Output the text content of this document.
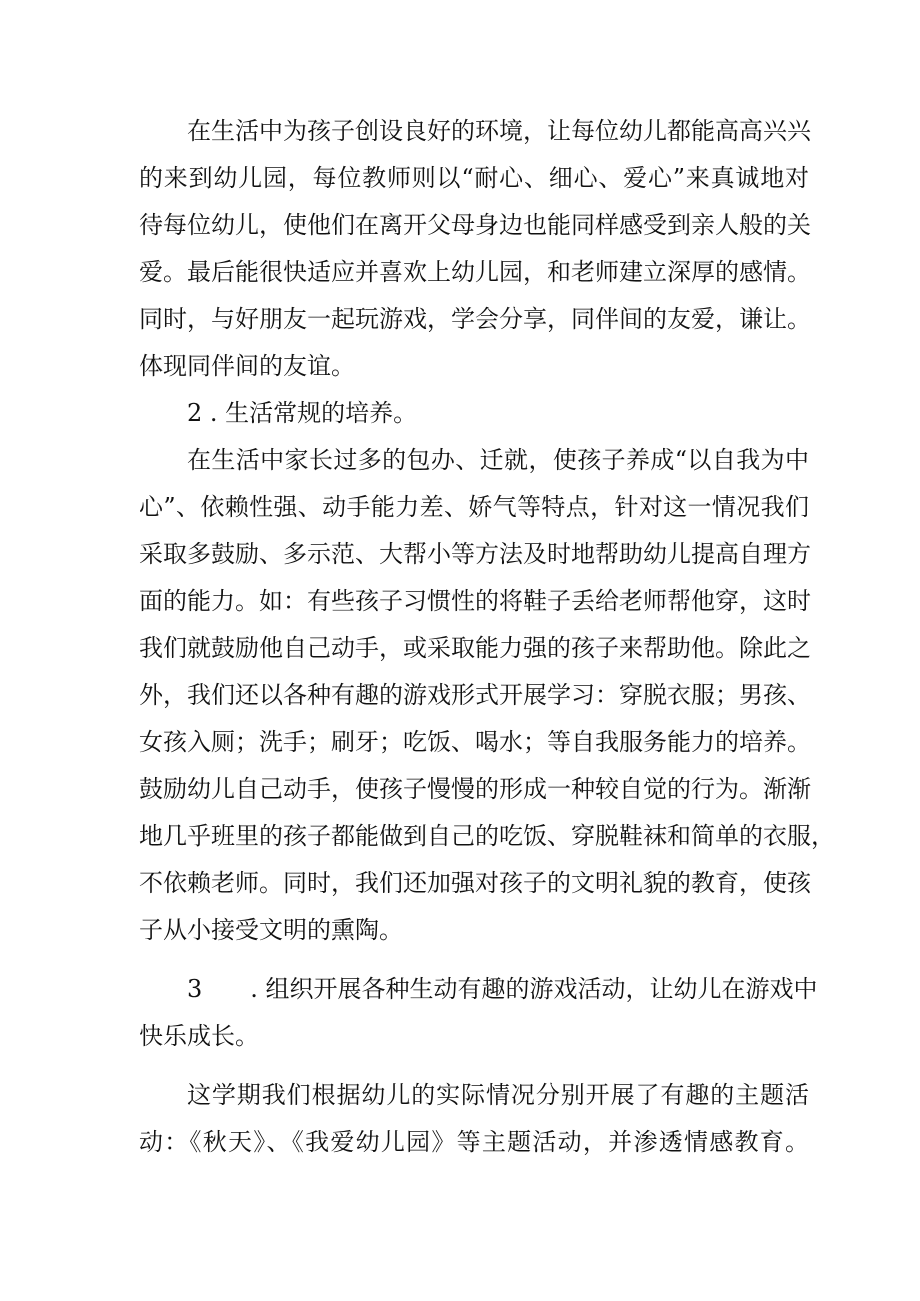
在生活中为孩子创设良好的环境，让每位幼儿都能高高兴兴
的来到幼儿园，每位教师则以“耐心、细心、爱心”来真诚地对
待每位幼儿，使他们在离开父母身边也能同样感受到亲人般的关
爱。最后能很快适应并喜欢上幼儿园，和老师建立深厚的感情。
同时，与好朋友一起玩游戏，学会分享，同伴间的友爱，谦让。
体现同伴间的友谊。
2 . 生活常规的培养。
在生活中家长过多的包办、迁就，使孩子养成“以自我为中
心”、依赖性强、动手能力差、娇气等特点，针对这一情况我们
采取多鼓励、多示范、大帮小等方法及时地帮助幼儿提高自理方
面的能力。如：有些孩子习惯性的将鞋子丢给老师帮他穿，这时
我们就鼓励他自己动手，或采取能力强的孩子来帮助他。除此之
外，我们还以各种有趣的游戏形式开展学习：穿脱衣服；男孩、
女孩入厕；洗手；刷牙；吃饭、喝水；等自我服务能力的培养。
鼓励幼儿自己动手，使孩子慢慢的形成一种较自觉的行为。渐渐
地几乎班里的孩子都能做到自己的吃饭、穿脱鞋袜和简单的衣服，
不依赖老师。同时，我们还加强对孩子的文明礼貌的教育，使孩
子从小接受文明的熏陶。
3　　. 组织开展各种生动有趣的游戏活动，让幼儿在游戏中
快乐成长。
这学期我们根据幼儿的实际情况分别开展了有趣的主题活
动：《秋天》、《我爱幼儿园》等主题活动，并渗透情感教育。
